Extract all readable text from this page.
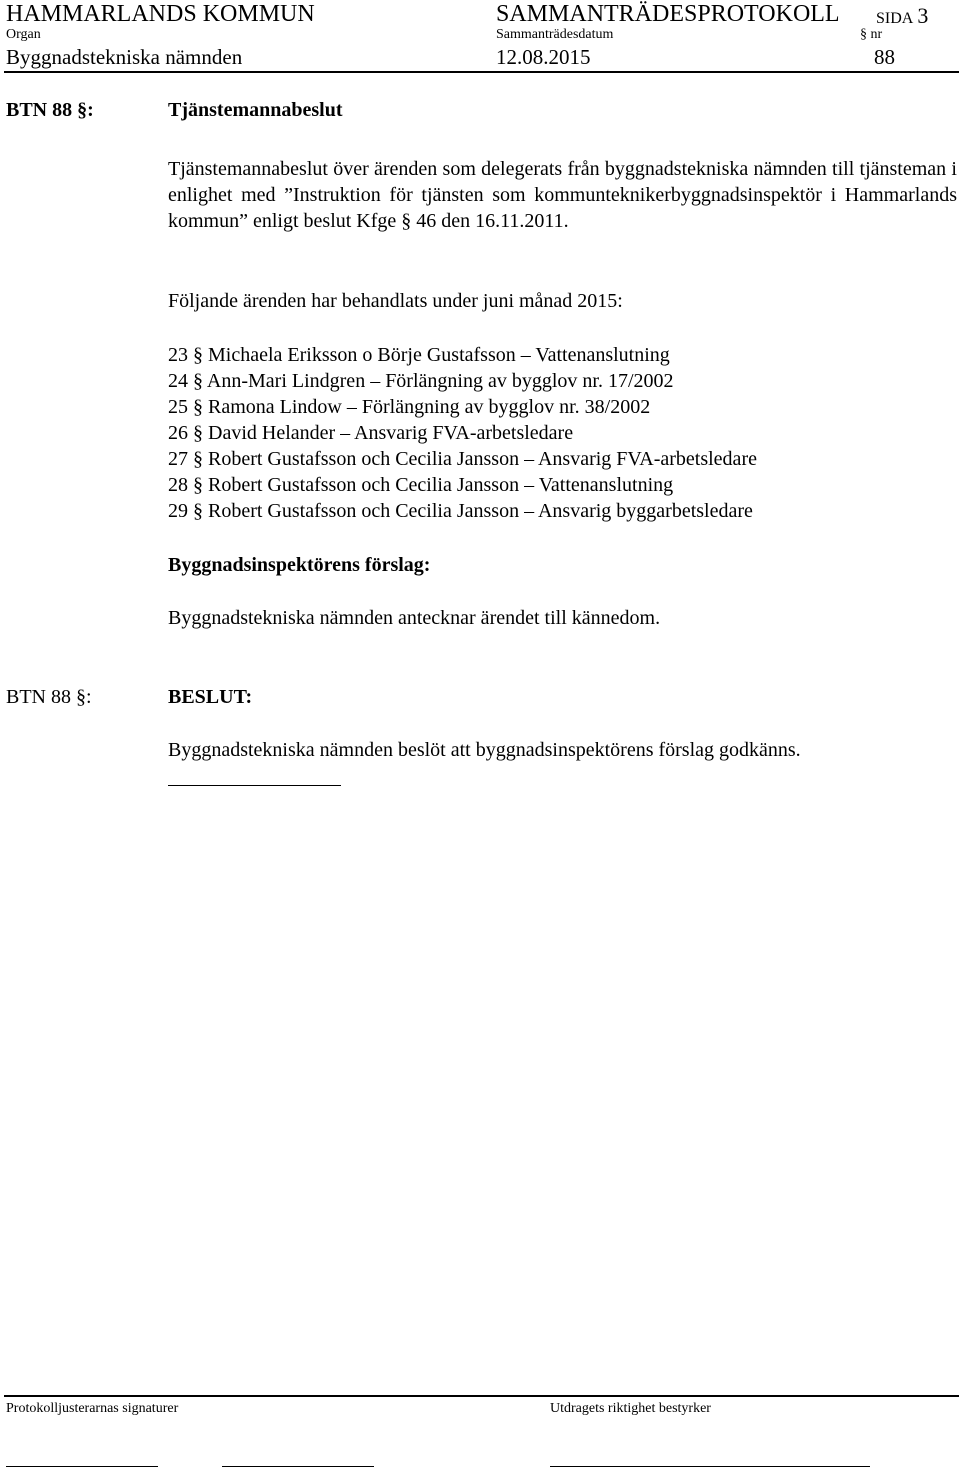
HAMMARLANDS KOMMUN	SAMMANTRÄDESPROTOKOLL SIDA 3
Organ	Sammanträdesdatum	§ nr
Byggnadstekniska nämnden	12.08.2015	88
BTN 88 §:	Tjänstemannabeslut
Tjänstemannabeslut över ärenden som delegerats från byggnadstekniska nämnden till tjänsteman i enlighet med ”Instruktion för tjänsten som kommunteknikerbyggnadsinspektör i Hammarlands kommun” enligt beslut Kfge § 46 den 16.11.2011.
Följande ärenden har behandlats under juni månad 2015:
23 § Michaela Eriksson o Börje Gustafsson – Vattenanslutning
24 § Ann-Mari Lindgren – Förlängning av bygglov nr. 17/2002
25 § Ramona Lindow – Förlängning av bygglov nr. 38/2002
26 § David Helander – Ansvarig FVA-arbetsledare
27 § Robert Gustafsson och Cecilia Jansson – Ansvarig FVA-arbetsledare
28 § Robert Gustafsson och Cecilia Jansson – Vattenanslutning
29 § Robert Gustafsson och Cecilia Jansson – Ansvarig byggarbetsledare
Byggnadsinspektörens förslag:
Byggnadstekniska nämnden antecknar ärendet till kännedom.
BTN 88 §:	BESLUT:
Byggnadstekniska nämnden beslöt att byggnadsinspektörens förslag godkänns.
Protokolljusterarnas signaturer	Utdragets riktighet bestyrker
